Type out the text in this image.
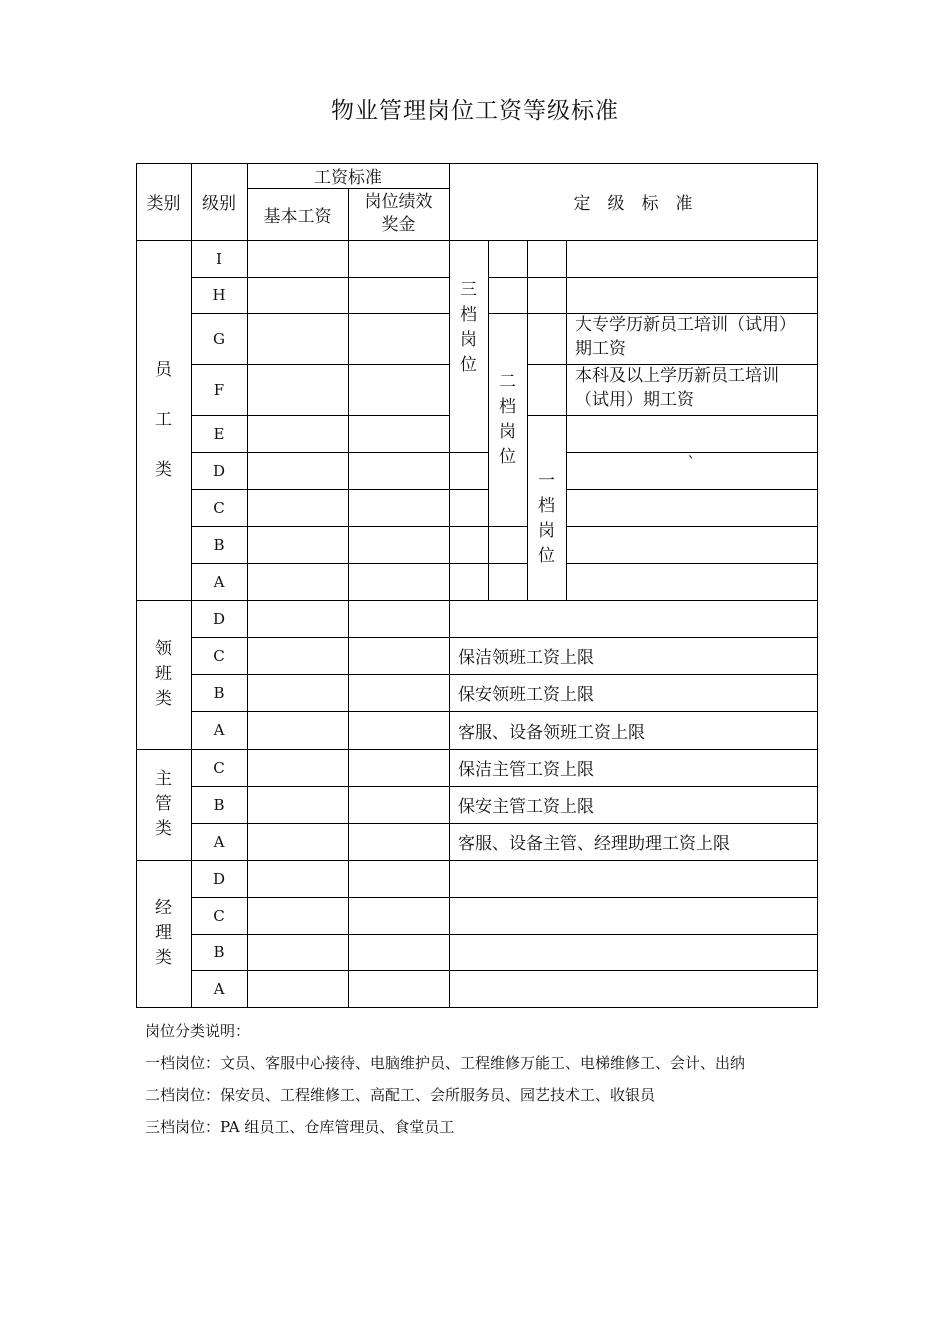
物业管理岗位工资等级标准
类别	级别
工资标准
基本工资
岗位绩效
奖金
定　级　标　准
员
工
类
领
班
类
主
管
类
经
理
类
I
H
G
F
E
D
C
B
A
D
C
B
A
C
B
A
D
C
B
A
三
档
岗
位
二
档
岗
位
一
档
岗
位
大专学历新员工培训（试用）
期工资
本科及以上学历新员工培训
（试用）期工资
`
保洁领班工资上限
保安领班工资上限
客服、设备领班工资上限
保洁主管工资上限
保安主管工资上限
客服、设备主管、经理助理工资上限
岗位分类说明：
一档岗位：文员、客服中心接待、电脑维护员、工程维修万能工、电梯维修工、会计、出纳
二档岗位：保安员、工程维修工、高配工、会所服务员、园艺技术工、收银员
三档岗位：PA 组员工、仓库管理员、食堂员工
